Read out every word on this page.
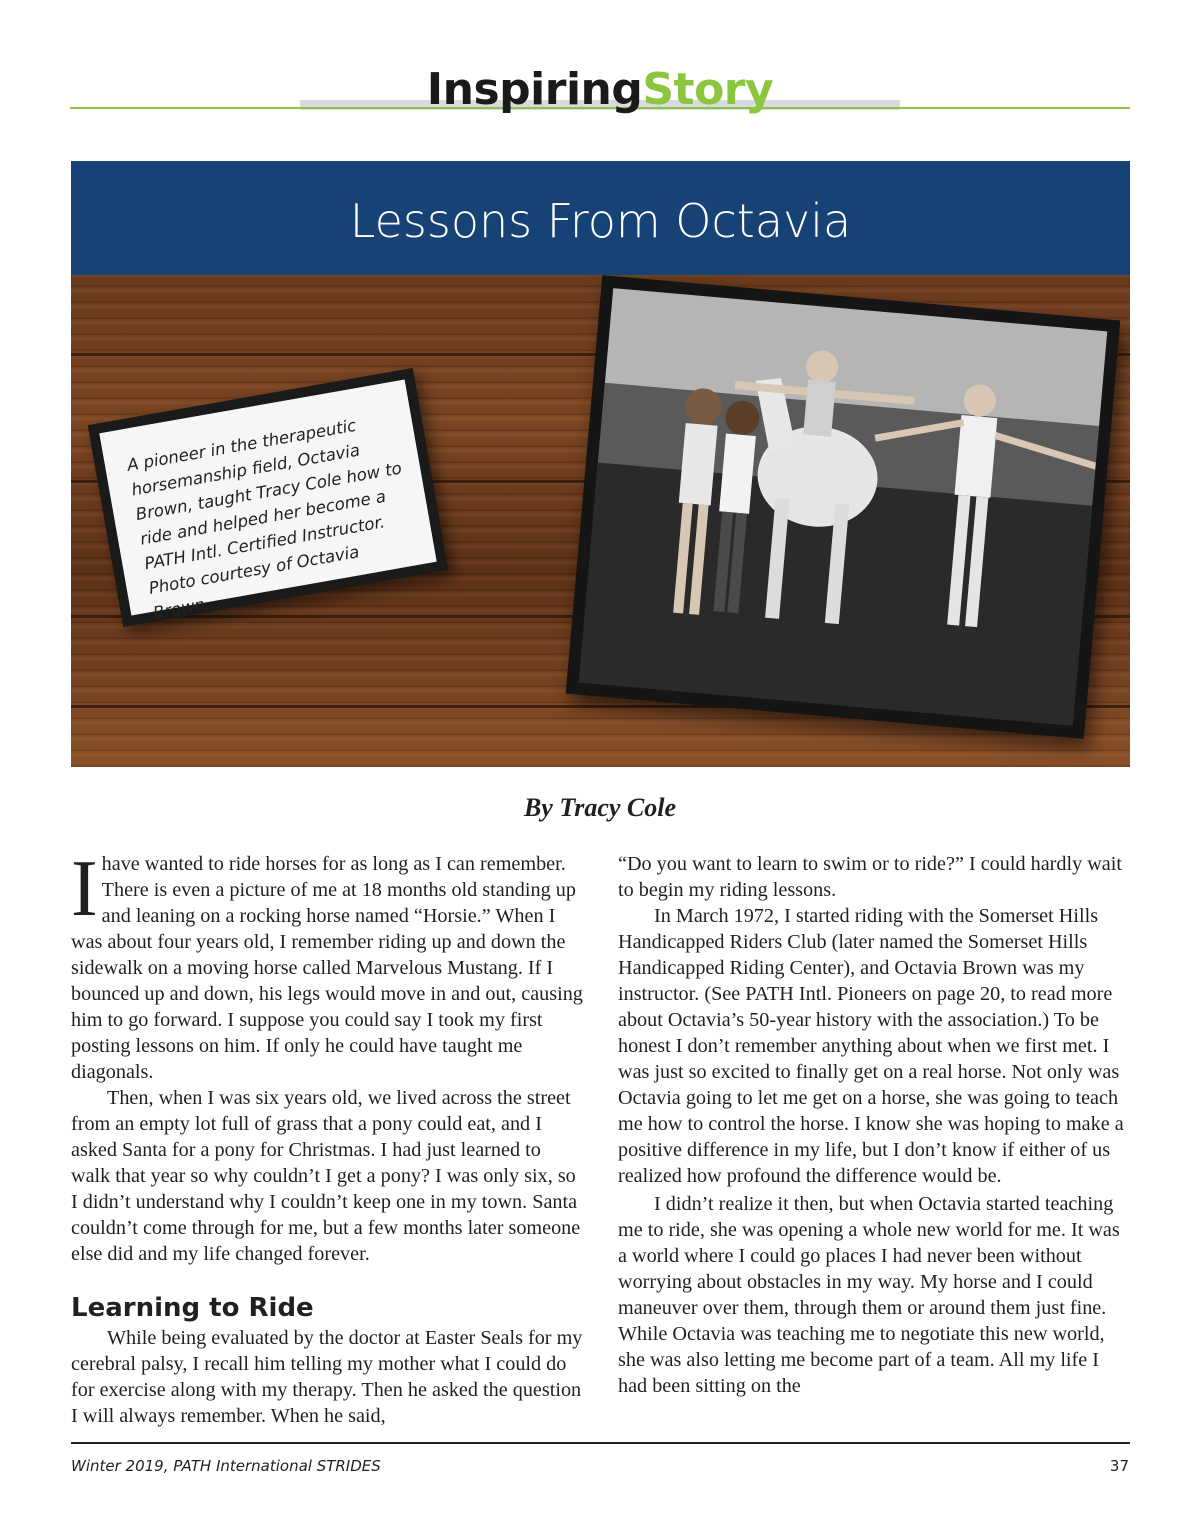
InspiringStory
Lessons From Octavia
A pioneer in the therapeutic horsemanship field, Octavia Brown, taught Tracy Cole how to ride and helped her become a PATH Intl. Certified Instructor. Photo courtesy of Octavia Brown.
By Tracy Cole

Ihave wanted to ride horses for as long as I can remember. There is even a picture of me at 18 months old standing up and leaning on a rocking horse named “Horsie.” When I was about four years old, I remember riding up and down the sidewalk on a moving horse called Marvelous Mustang. If I bounced up and down, his legs would move in and out, causing him to go forward. I suppose you could say I took my first posting lessons on him. If only he could have taught me diagonals.

Then, when I was six years old, we lived across the street from an empty lot full of grass that a pony could eat, and I asked Santa for a pony for Christmas. I had just learned to walk that year so why couldn’t I get a pony? I was only six, so I didn’t understand why I couldn’t keep one in my town. Santa couldn’t come through for me, but a few months later someone else did and my life changed forever.

Learning to Ride

While being evaluated by the doctor at Easter Seals for my cerebral palsy, I recall him telling my mother what I could do for exercise along with my therapy. Then he asked the question I will always remember. When he said,

“Do you want to learn to swim or to ride?” I could hardly wait to begin my riding lessons.

In March 1972, I started riding with the Somerset Hills Handicapped Riders Club (later named the Somerset Hills Handicapped Riding Center), and Octavia Brown was my instructor. (See PATH Intl. Pioneers on page 20, to read more about Octavia’s 50-year history with the association.) To be honest I don’t remember anything about when we first met. I was just so excited to finally get on a real horse. Not only was Octavia going to let me get on a horse, she was going to teach me how to control the horse. I know she was hoping to make a positive difference in my life, but I don’t know if either of us realized how profound the difference would be.

I didn’t realize it then, but when Octavia started teaching me to ride, she was opening a whole new world for me. It was a world where I could go places I had never been without worrying about obstacles in my way. My horse and I could maneuver over them, through them or around them just fine. While Octavia was teaching me to negotiate this new world, she was also letting me become part of a team. All my life I had been sitting on the

Winter 2019, PATH International STRIDES	37
